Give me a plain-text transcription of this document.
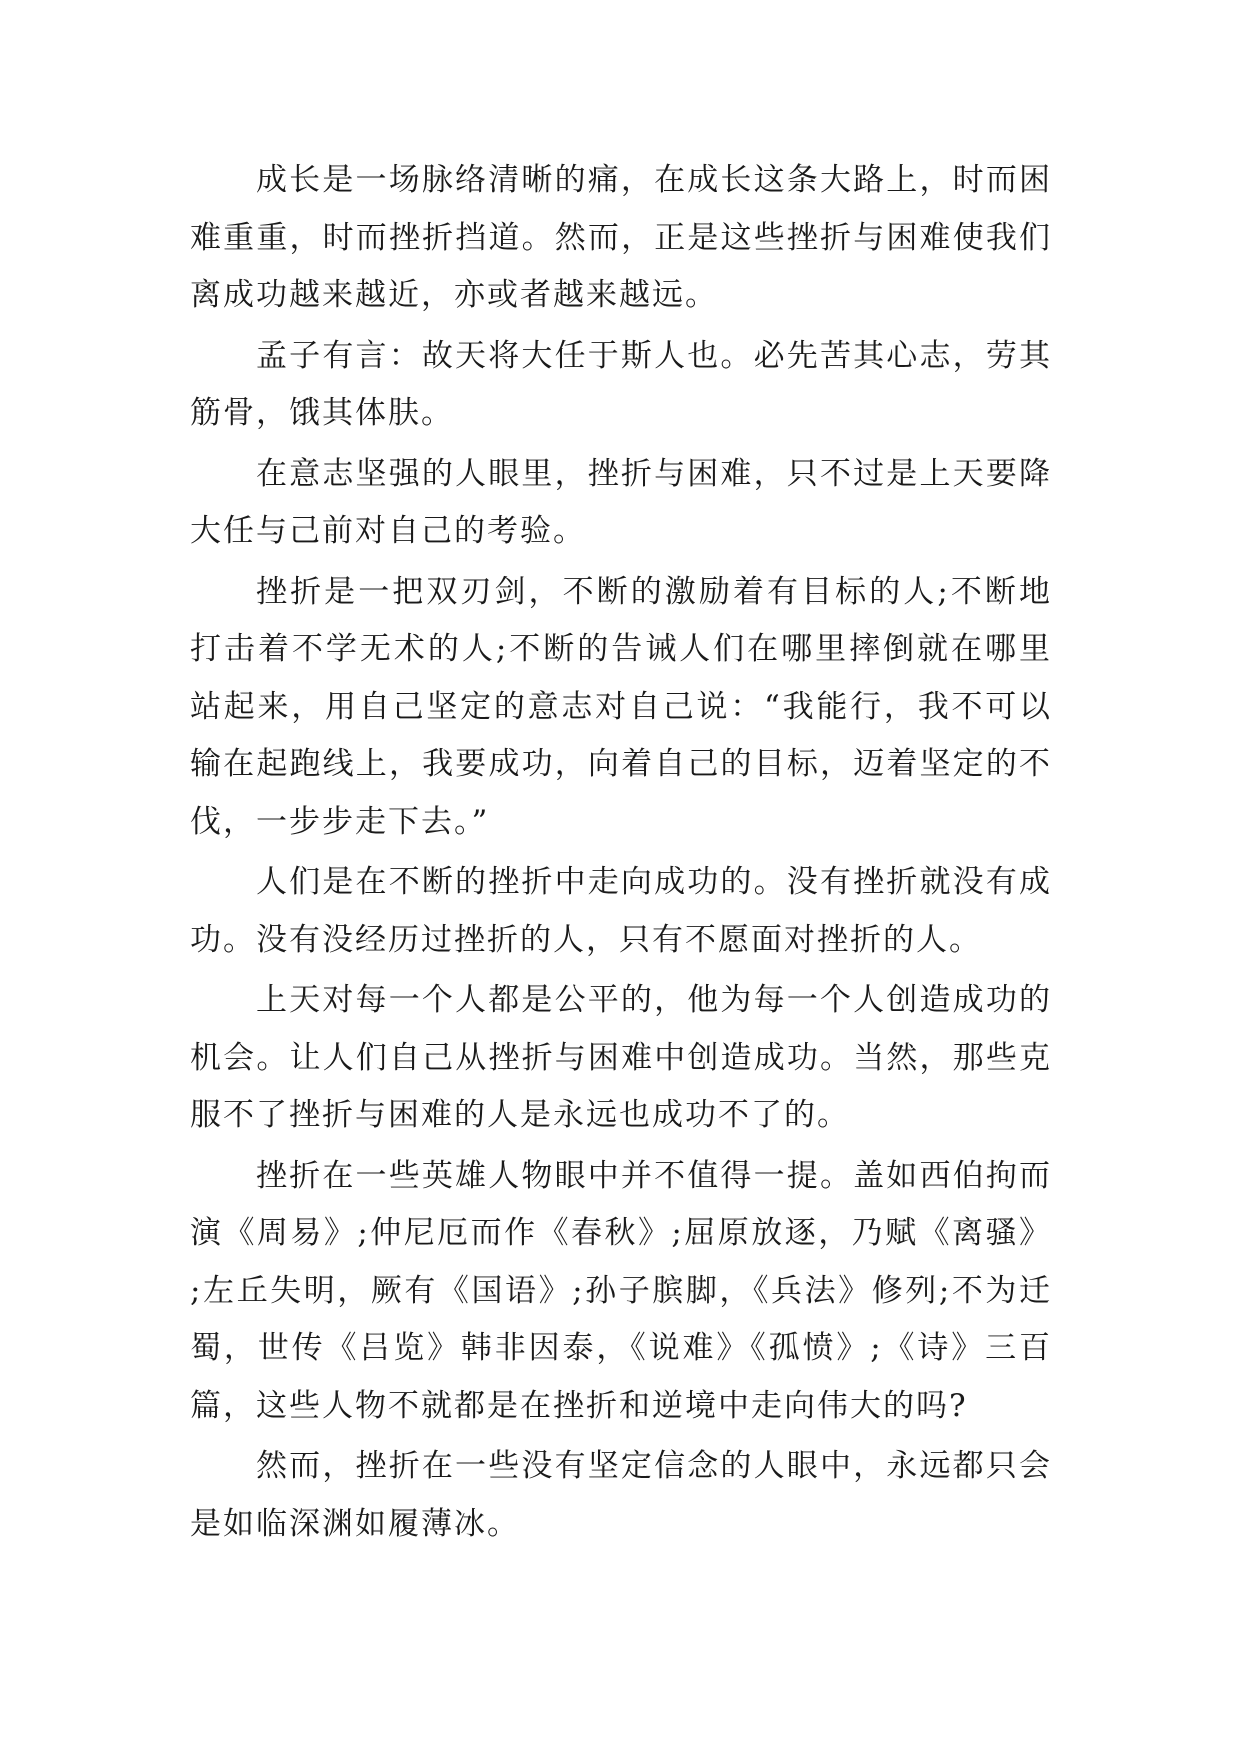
成长是一场脉络清晰的痛，在成长这条大路上，时而困难重重，时而挫折挡道。然而，正是这些挫折与困难使我们离成功越来越近，亦或者越来越远。

孟子有言：故天将大任于斯人也。必先苦其心志，劳其筋骨，饿其体肤。

在意志坚强的人眼里，挫折与困难，只不过是上天要降大任与己前对自己的考验。

挫折是一把双刃剑，不断的激励着有目标的人;不断地打击着不学无术的人;不断的告诫人们在哪里摔倒就在哪里站起来，用自己坚定的意志对自己说：“我能行，我不可以输在起跑线上，我要成功，向着自己的目标，迈着坚定的不伐，一步步走下去。”

人们是在不断的挫折中走向成功的。没有挫折就没有成功。没有没经历过挫折的人，只有不愿面对挫折的人。

上天对每一个人都是公平的，他为每一个人创造成功的机会。让人们自己从挫折与困难中创造成功。当然，那些克服不了挫折与困难的人是永远也成功不了的。

挫折在一些英雄人物眼中并不值得一提。盖如西伯拘而演《周易》;仲尼厄而作《春秋》;屈原放逐，乃赋《离骚》;左丘失明，厥有《国语》;孙子膑脚，《兵法》修列;不为迁蜀，世传《吕览》韩非因泰，《说难》《孤愤》;《诗》三百篇，这些人物不就都是在挫折和逆境中走向伟大的吗?

然而，挫折在一些没有坚定信念的人眼中，永远都只会是如临深渊如履薄冰。
